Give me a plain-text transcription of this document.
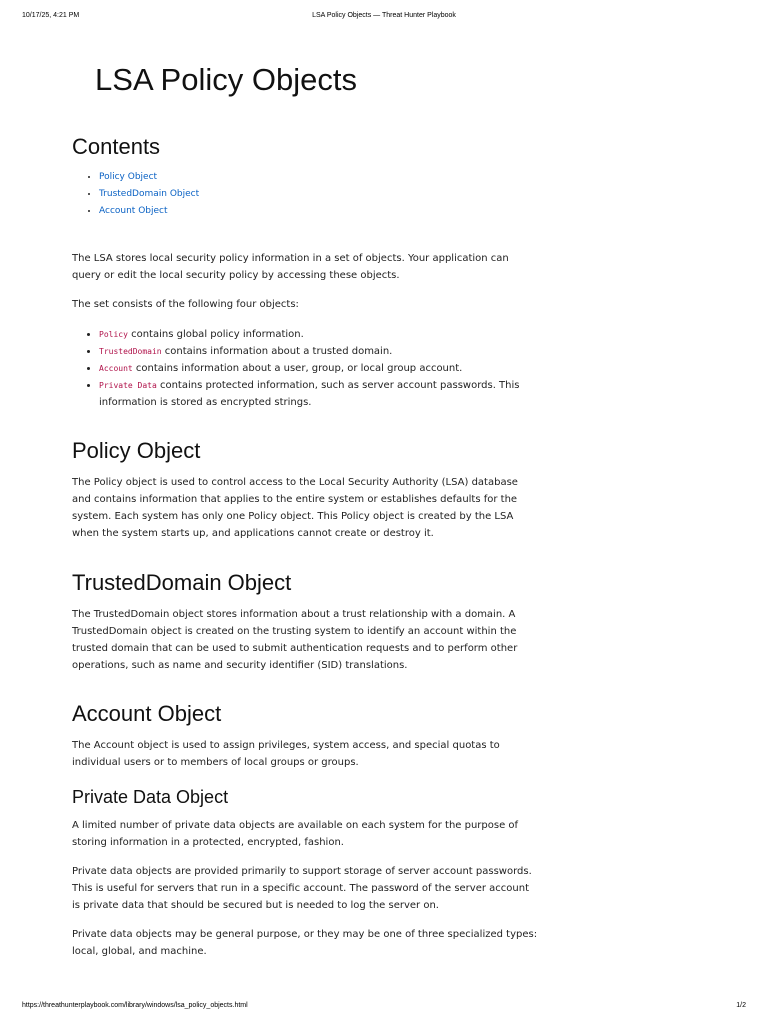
10/17/25, 4:21 PM	LSA Policy Objects — Threat Hunter Playbook
LSA Policy Objects
Contents
• Policy Object
• TrustedDomain Object
• Account Object

The LSA stores local security policy information in a set of objects. Your application can query or edit the local security policy by accessing these objects.

The set consists of the following four objects:

• Policy contains global policy information.
• TrustedDomain contains information about a trusted domain.
• Account contains information about a user, group, or local group account.
• Private Data contains protected information, such as server account passwords. This information is stored as encrypted strings.
Policy Object

The Policy object is used to control access to the Local Security Authority (LSA) database and contains information that applies to the entire system or establishes defaults for the system. Each system has only one Policy object. This Policy object is created by the LSA when the system starts up, and applications cannot create or destroy it.

TrustedDomain Object

The TrustedDomain object stores information about a trust relationship with a domain. A TrustedDomain object is created on the trusting system to identify an account within the trusted domain that can be used to submit authentication requests and to perform other operations, such as name and security identifier (SID) translations.

Account Object

The Account object is used to assign privileges, system access, and special quotas to individual users or to members of local groups or groups.

Private Data Object

A limited number of private data objects are available on each system for the purpose of storing information in a protected, encrypted, fashion.

Private data objects are provided primarily to support storage of server account passwords. This is useful for servers that run in a specific account. The password of the server account is private data that should be secured but is needed to log the server on.

Private data objects may be general purpose, or they may be one of three specialized types: local, global, and machine.

https://threathunterplaybook.com/library/windows/lsa_policy_objects.html	1/2
